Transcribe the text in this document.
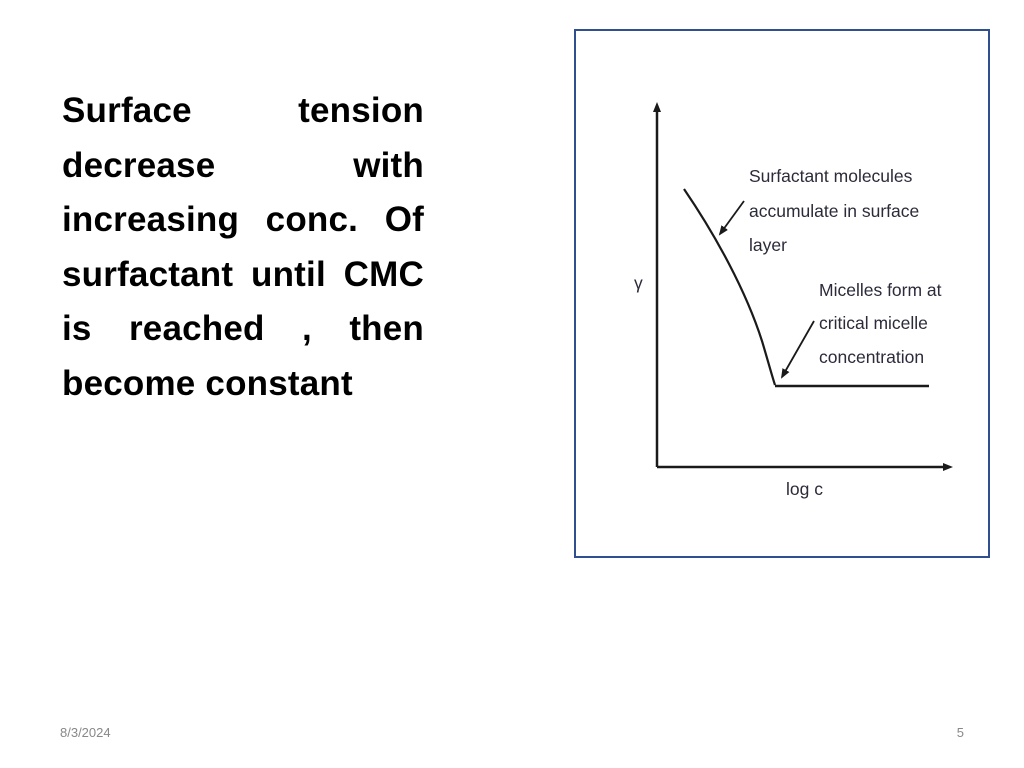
Surface tension decrease with increasing conc. Of surfactant until CMC is reached , then become constant

γ
log c
Surfactant molecules
accumulate in surface
layer
Micelles form at
critical micelle
concentration
8/3/2024	5
